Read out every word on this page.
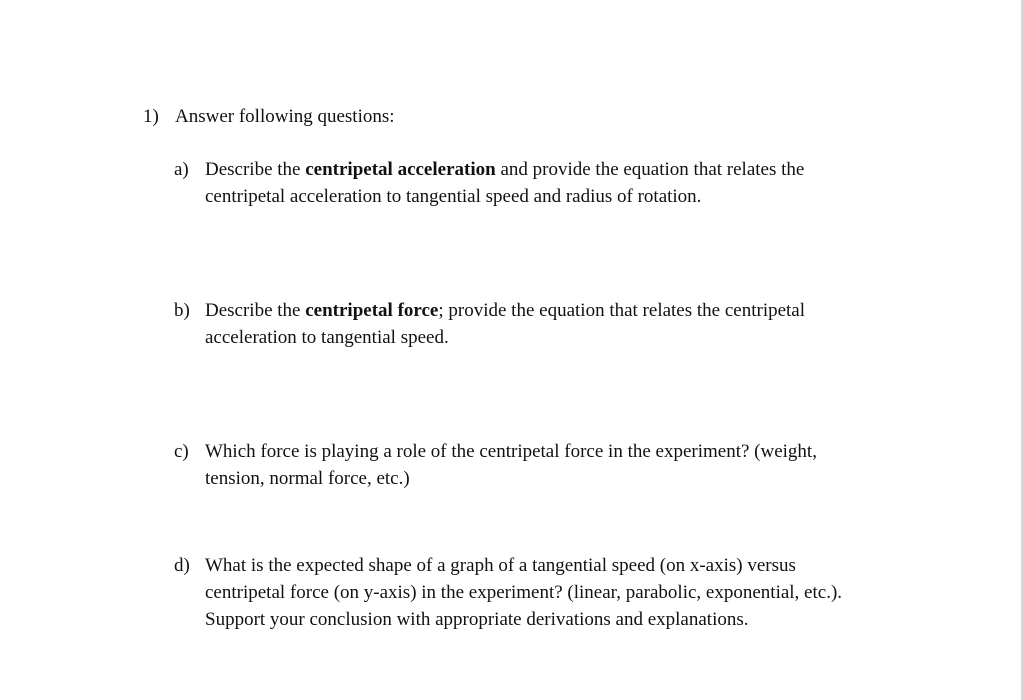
1) Answer following questions:
a) Describe the centripetal acceleration and provide the equation that relates the
centripetal acceleration to tangential speed and radius of rotation.
b) Describe the centripetal force; provide the equation that relates the centripetal
acceleration to tangential speed.
c) Which force is playing a role of the centripetal force in the experiment? (weight,
tension, normal force, etc.)
d) What is the expected shape of a graph of a tangential speed (on x-axis) versus
centripetal force (on y-axis) in the experiment? (linear, parabolic, exponential, etc.).
Support your conclusion with appropriate derivations and explanations.
